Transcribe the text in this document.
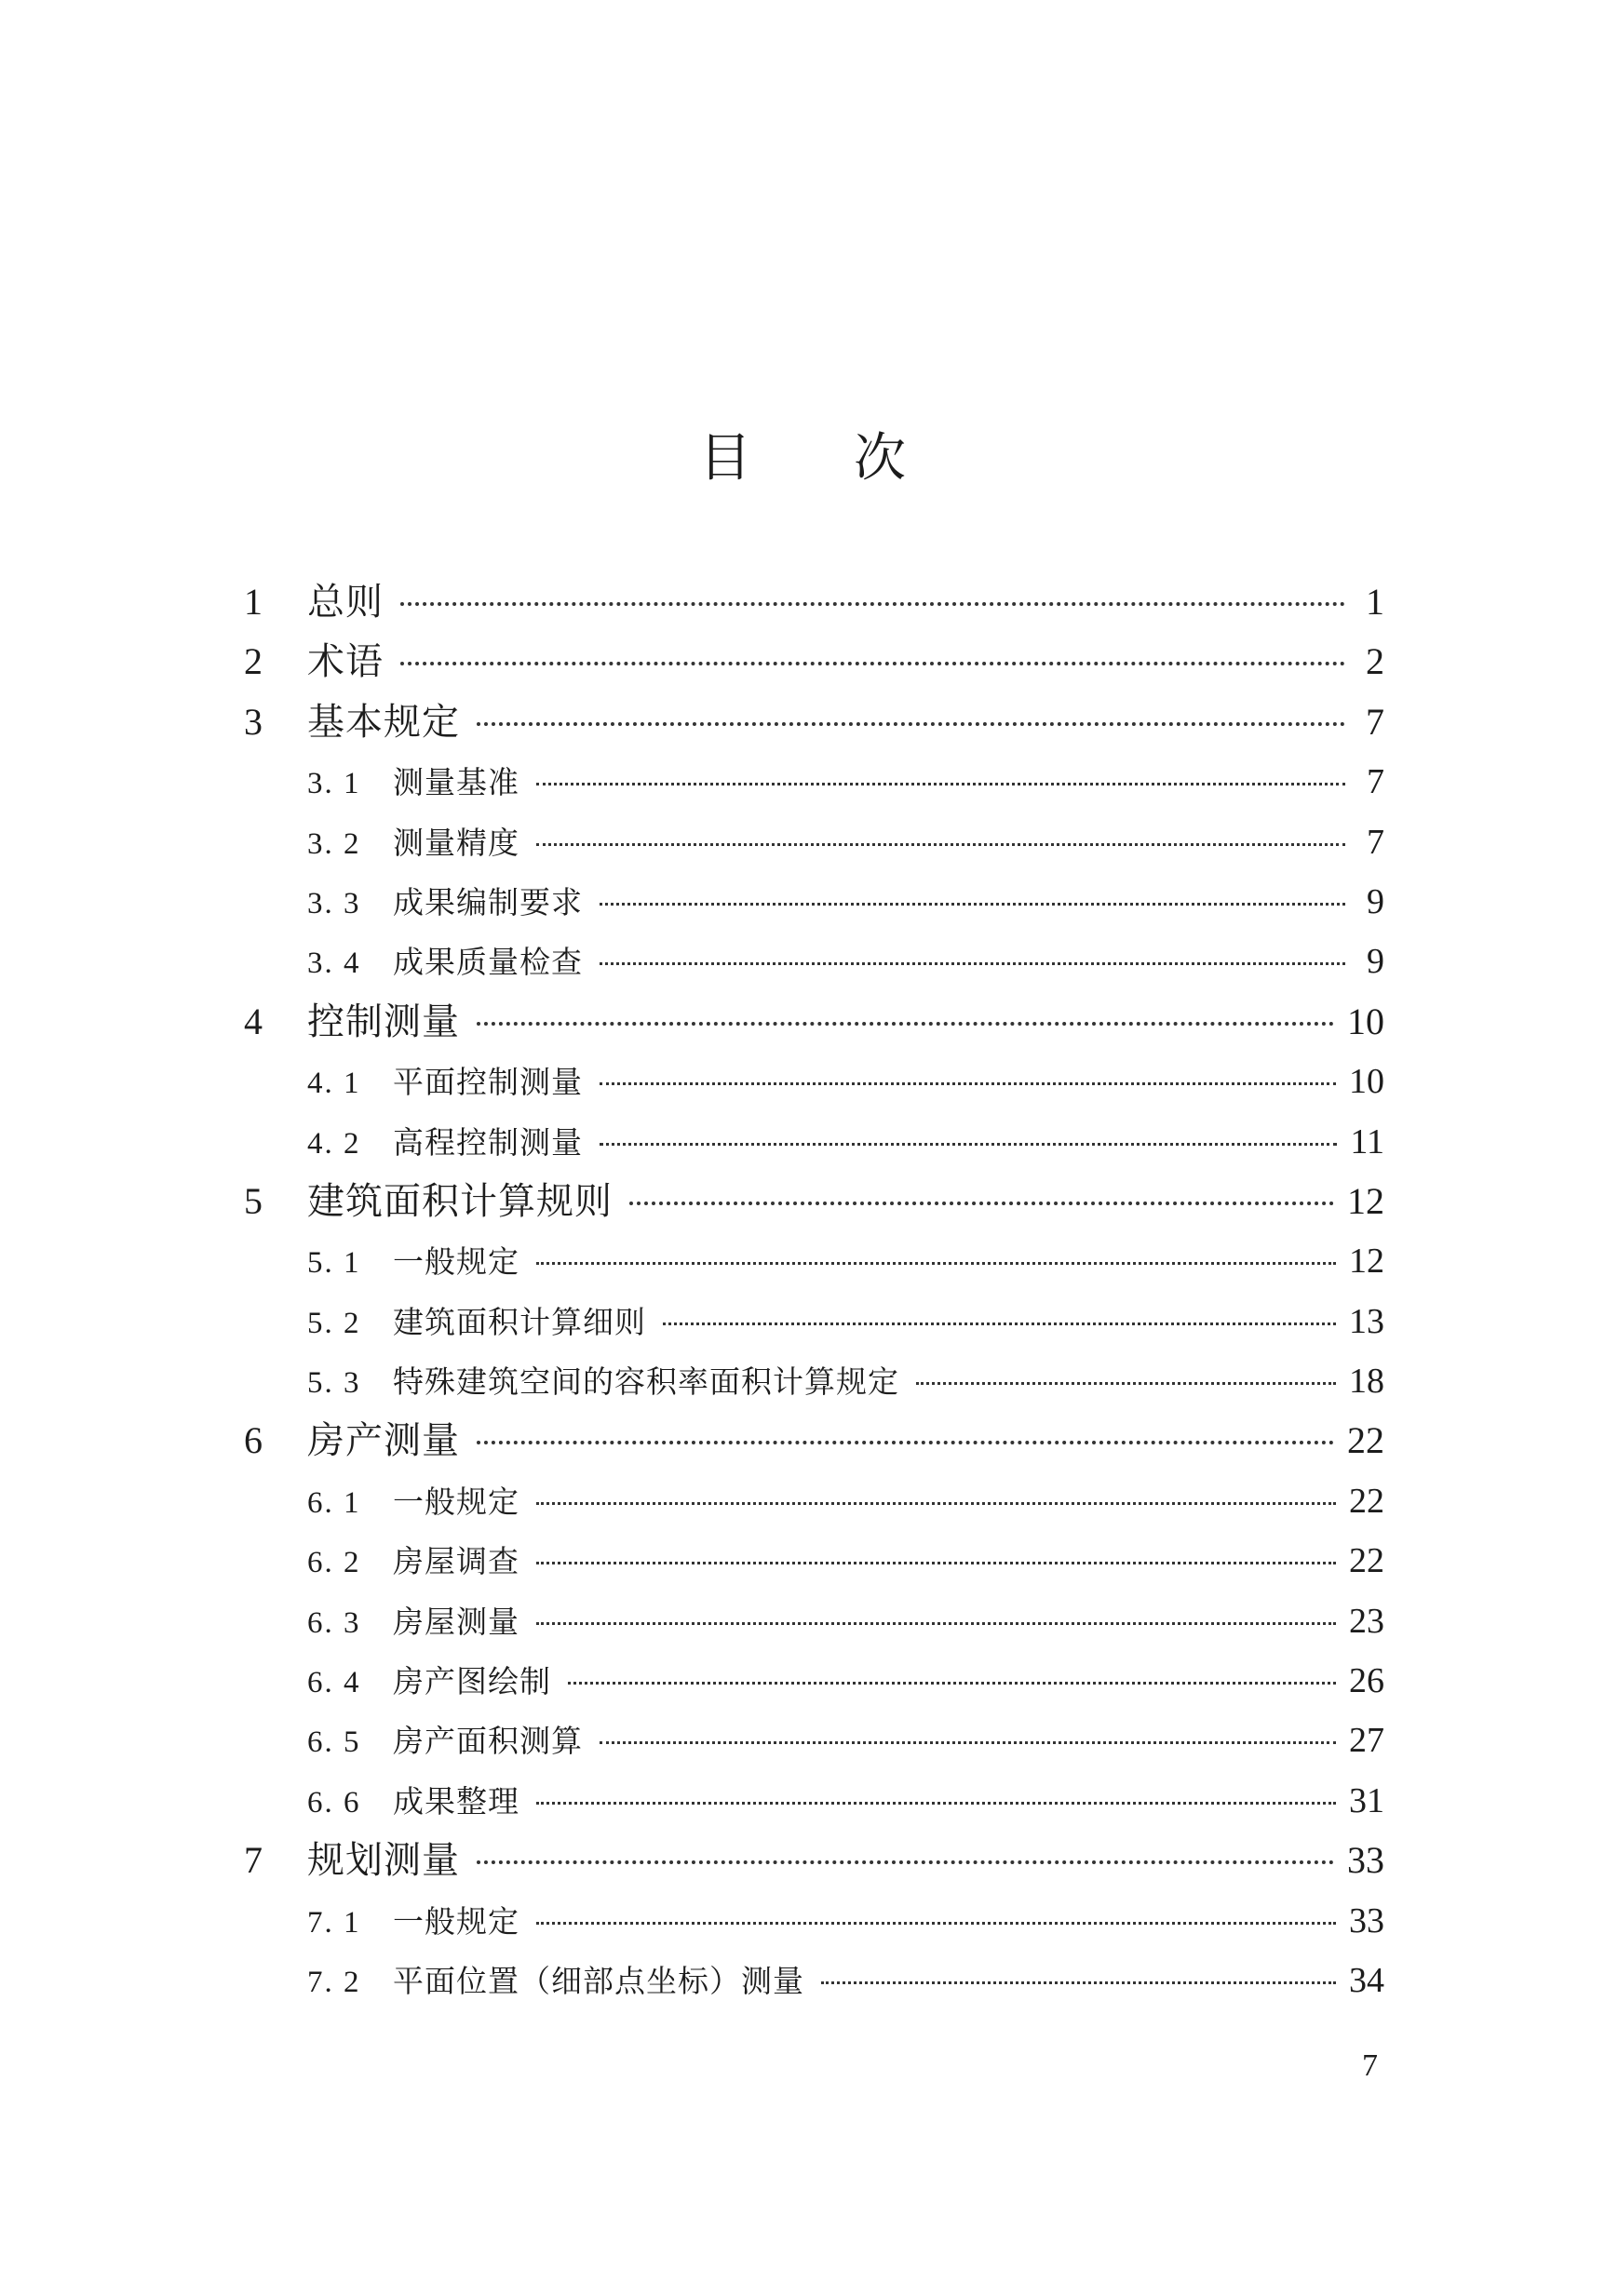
目次
1	总则	1
2	术语	2
3	基本规定	7
3. 1	测量基准	7
3. 2	测量精度	7
3. 3	成果编制要求	9
3. 4	成果质量检查	9
4	控制测量	10
4. 1	平面控制测量	10
4. 2	高程控制测量	11
5	建筑面积计算规则	12
5. 1	一般规定	12
5. 2	建筑面积计算细则	13
5. 3	特殊建筑空间的容积率面积计算规定	18
6	房产测量	22
6. 1	一般规定	22
6. 2	房屋调查	22
6. 3	房屋测量	23
6. 4	房产图绘制	26
6. 5	房产面积测算	27
6. 6	成果整理	31
7	规划测量	33
7. 1	一般规定	33
7. 2	平面位置（细部点坐标）测量	34
7
